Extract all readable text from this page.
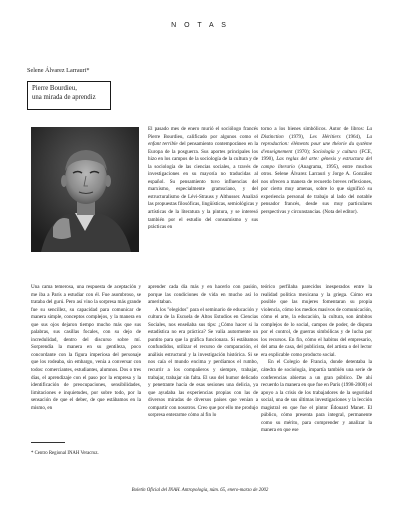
N O T A S
Selene Álvarez Larrauri*
Pierre Bourdieu,
una mirada de aprendiz

El pasado mes de enero murió el sociólogo francés Pierre Bourdieu, calificado por algunos como el enfant terrible del pensamiento contemporáneo en la Europa de la posguerra. Sus aportes principales los hizo en los campos de la sociología de la cultura y de la sociología de las ciencias sociales, a través de investigaciones en su mayoría no traducidas al español. Su pensamiento tuvo influencias del marxismo, especialmente gramsciano, y del estructuralismo de Lévi-Strauss y Althusser. Analizó las propuestas filosóficas, lingüísticas, semiológicas y artísticas de la literatura y la pintura, y se interesó también por el estudio del consumismo y sus prácticas en

torno a los bienes simbólicos. Autor de libros: La Distinction (1979), Les Héritiers (1964), La reproduction: éléments pour une théorie du système d'enseignement (1970); Sociología y cultura (FCE, 1990), Las reglas del arte: génesis y estructura del campo literario (Anagrama, 1995), entre muchos otros. Selene Álvarez Larrauri y Jorge A. González nos ofrecen a manera de recuerdo breves reflexiones, por cierto muy amenas, sobre lo que significó su experiencia personal de trabajo al lado del notable pensador francés, desde sus muy particulares perspectivas y circunstancias. (Nota del editor).

Una cama temerosa, una respuesta de aceptación y me iba a París a estudiar con él. Fue asombroso, se trataba del gurú. Pero así vino la sorpresa más grande fue su sencillez, su capacidad para comunicar de manera simple, conceptos complejos, y la manera en que sus ojos dejaron tiempo mucho más que sus palabras, sus casillas focales, con su dejo de incredulidad, dentro del discurso sobre mí. Sorprendía la manera en su gentileza, poco concordante con la figura imperiosa del personaje que los rodeaba, sin embargo, venía a conversar con todos: comerciantes, estudiantes, alumnos. Dos o tres días, el aprendizaje con el paso por la empresa y la identificación de preocupaciones, sensibilidades, limitaciones e inquietudes, por sobre todo, por la sensación de que el deber, de que estábamos en la mismo, en

aprender cada día más y en hacerlo con pasión, porque las condiciones de vida en mucho así lo ameritaban.

A los "elegidos" para el seminario de educación y cultura de la Escuela de Altos Estudios en Ciencias Sociales, nos enseñaba sus tips: ¿Cómo hacer si la estadística no era práctica? Se valía autormente un puntito para que la gráfica funcionara. Si estábamos confundidos, utilizar el recurso de comparación, el análisis estructural y la investigación histórica. Si se nos caía el mundo encima y perdíamos el rumbo, recurrir a los compañeros y siempre, trabajar, trabajar, trabajar sin falta. El uso del humor delicado y penetrante hacía de esas sesiones una delicia, ya que ayudaba las experiencias propias con las de diversos miradas de diversos países que venían a compartir con nosotros. Creo que por ello me produjo sorpresa enterarme cómo al fin lo

teórico perfilaba parecidos inesperados entre la realidad política mexicana y la griega. Cómo era posible que las mujeres fomentaran su propia violencia, cómo los medios masivos de comunicación, cómo el arte, la educación, la cultura, son ámbitos complejos de lo social, campos de poder, de disputa por el control, de guerras simbólicas y de lucha por los recursos. En fin, cómo el habitus del empresario, del ama de casa, del publicista, del artista o del lector era explicable como producto social.

En el Colegio de Francia, donde detentaba la cátedra de sociología, impartía también una serie de conferencias abiertas a un gran público. De ahí recuerdo la manera en que fue en París (1998-2000) el apoyo a la crisis de los trabajadores de la seguridad social, una de sus últimas investigaciones y la lección magistral en que fue el pintor Édouard Manet. El público, cómo presenta para integral, permanente como su mérito, para comprender y analizar la manera en que ese

* Centro Regional INAH Veracruz.
Boletín Oficial del INAH. Antropología, núm. 65, enero-marzo de 2002
